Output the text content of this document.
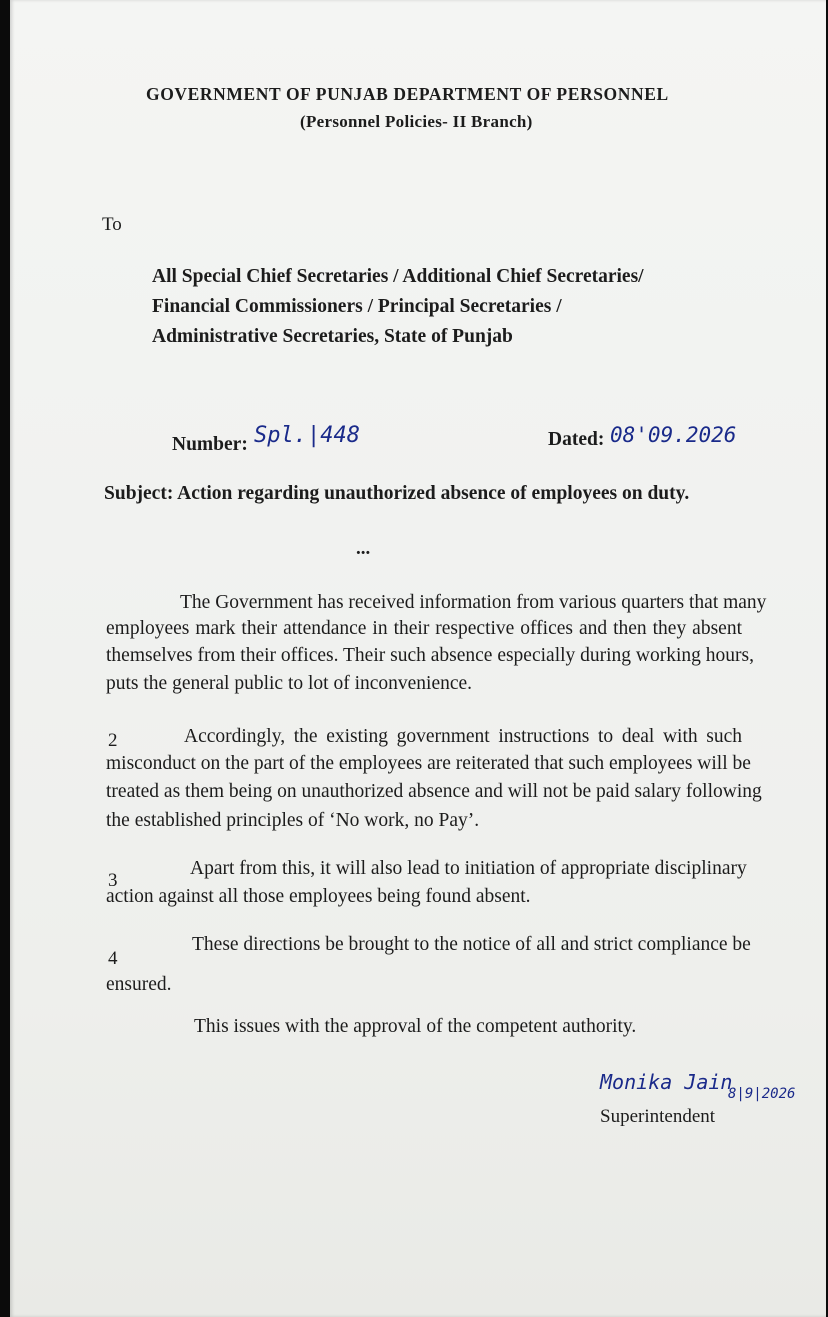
GOVERNMENT OF PUNJAB DEPARTMENT OF PERSONNEL
(Personnel Policies- II Branch)
To
All Special Chief Secretaries / Additional Chief Secretaries/
Financial Commissioners / Principal Secretaries /
Administrative Secretaries, State of Punjab
Number: Spl.|448	Dated: 08'09.2026
Subject: Action regarding unauthorized absence of employees on duty.
...
The Government has received information from various quarters that many
employees mark their attendance in their respective offices and then they absent
themselves from their offices. Their such absence especially during working hours,
puts the general public to lot of inconvenience.
2	Accordingly, the existing government instructions to deal with such
misconduct on the part of the employees are reiterated that such employees will be
treated as them being on unauthorized absence and will not be paid salary following
the established principles of ‘No work, no Pay’.
3
Apart from this, it will also lead to initiation of appropriate disciplinary
action against all those employees being found absent.
4
These directions be brought to the notice of all and strict compliance be
ensured.
This issues with the approval of the competent authority.
Monika Jain
8|9|2026
Superintendent
